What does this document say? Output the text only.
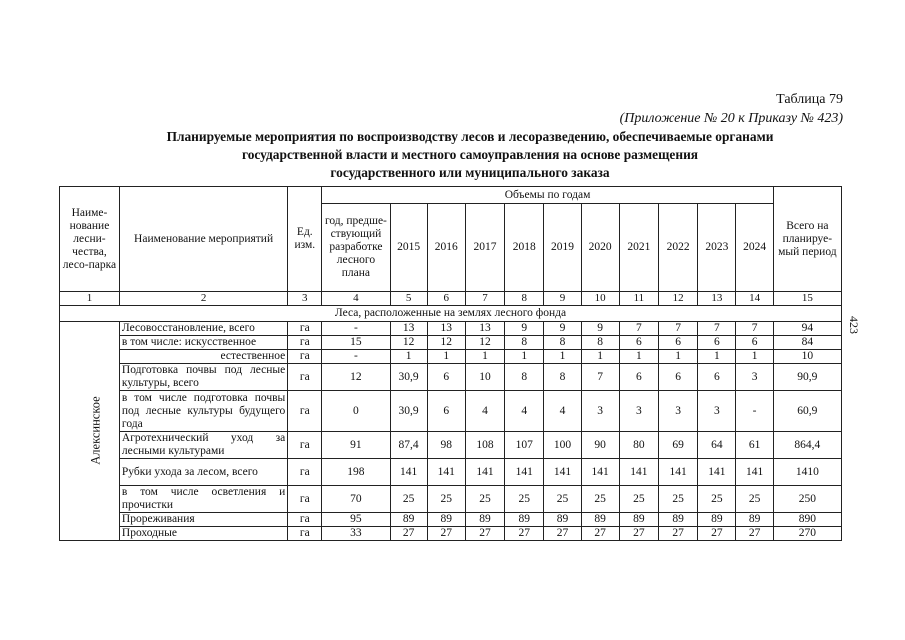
Таблица 79
(Приложение № 20 к Приказу № 423)
Планируемые мероприятия по воспроизводству лесов и лесоразведению, обеспечиваемые органами
государственной власти и местного самоуправления на основе размещения
государственного или муниципального заказа
423
Наиме-нование лесни-чества, лесо-парка	Наименование мероприятий	Ед. изм.	Объемы по годам											Всего на планируе-мый период
			год, предше-ствующий разработке лесного плана	2015	2016	2017	2018	2019	2020	2021	2022	2023	2024	
1	2	3	4	5	6	7	8	9	10	11	12	13	14	15
Леса, расположенные на землях лесного фонда														
Алексинское	Лесовосстановление, всего	га	-	13	13	13	9	9	9	7	7	7	7	94
	в том числе: искусственное	га	15	12	12	12	8	8	8	6	6	6	6	84
	естественное	га	-	1	1	1	1	1	1	1	1	1	1	10
	Подготовка почвы под лесные культуры, всего	га	12	30,9	6	10	8	8	7	6	6	6	3	90,9
	в том числе подготовка почвы под лесные культуры будущего года	га	0	30,9	6	4	4	4	3	3	3	3	-	60,9
	Агротехнический уход за лесными культурами	га	91	87,4	98	108	107	100	90	80	69	64	61	864,4
	Рубки ухода за лесом, всего	га	198	141	141	141	141	141	141	141	141	141	141	1410
	в том числе осветления и прочистки	га	70	25	25	25	25	25	25	25	25	25	25	250
	Прореживания	га	95	89	89	89	89	89	89	89	89	89	89	890
	Проходные	га	33	27	27	27	27	27	27	27	27	27	27	270
